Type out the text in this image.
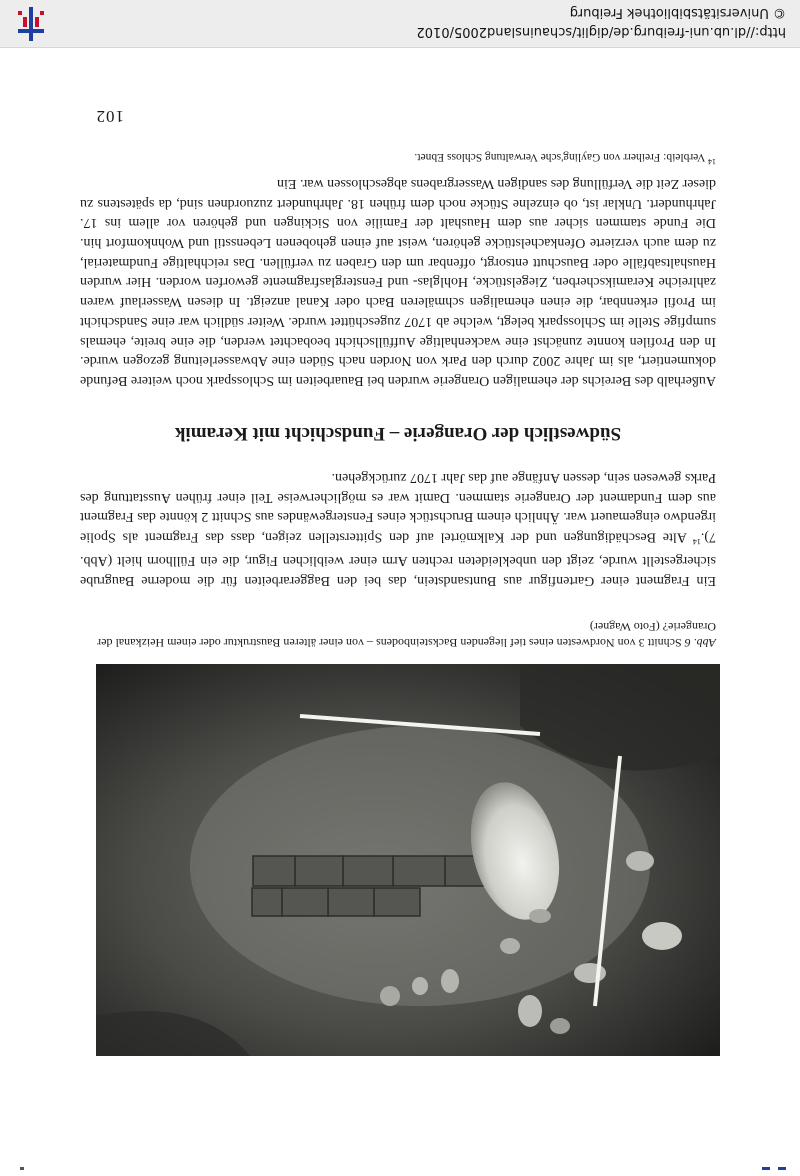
http://dl.ub.uni-freiburg.de/diglit/schauinsland2005/0102
© Universitätsbibliothek Freiburg
102
$^{14}$ Verbleib: Freiherr von Gayling'sche Verwaltung Schloss Ebnet.

Außerhalb des Bereichs der ehemaligen Orangerie wurden bei Bauarbeiten im Schlosspark noch weitere Befunde dokumentiert, als im Jahre 2002 durch den Park von Norden nach Süden eine Abwasserleitung gezogen wurde. In den Profilen konnte zunächst eine wackenhaltige Auffüllschicht beobachtet werden, die eine breite, ehemals sumpfige Stelle im Schlosspark belegt, welche ab 1707 zugeschüttet wurde. Weiter südlich war eine Sandschicht im Profil erkennbar, die einen ehemaligen schmäleren Bach oder Kanal anzeigt. In diesen Wasserlauf waren zahlreiche Keramikscherben, Ziegelstücke, Hohlglas- und Fensterglasfragmente geworfen worden. Hier wurden Haushaltsabfälle oder Bauschutt entsorgt, offenbar um den Graben zu verfüllen. Das reichhaltige Fundmaterial, zu dem auch verzierte Ofenkachelstücke gehören, weist auf einen gehobenen Lebensstil und Wohnkomfort hin. Die Funde stammen sicher aus dem Haushalt der Familie von Sickingen und gehören vor allem ins 17. Jahrhundert. Unklar ist, ob einzelne Stücke noch dem frühen 18. Jahrhundert zuzuordnen sind, da spätestens zu dieser Zeit die Verfüllung des sandigen Wassergrabens abgeschlossen war. Ein

Südwestlich der Orangerie – Fundschicht mit Keramik

Ein Fragment einer Gartenfigur aus Buntsandstein, das bei den Baggerarbeiten für die moderne Baugrube sichergestellt wurde, zeigt den unbekleideten rechten Arm einer weiblichen Figur, die ein Füllhorn hielt (Abb. 7).$^{14}$ Alte Beschädigungen und der Kalkmörtel auf den Spitterstellen zeigen, dass das Fragment als Spolie irgendwo eingemauert war. Ähnlich einem Bruchstück eines Fenstergewändes aus Schnitt 2 könnte das Fragment aus dem Fundament der Orangerie stammen. Damit war es möglicherweise Teil einer frühen Ausstattung des Parks gewesen sein, dessen Anfänge auf das Jahr 1707 zurückgehen.

Abb. 6 Schnitt 3 von Nordwesten eines tief liegenden Backsteinbodens – von einer älteren Baustruktur oder einem Heizkanal der Orangerie? (Foto Wagner)
